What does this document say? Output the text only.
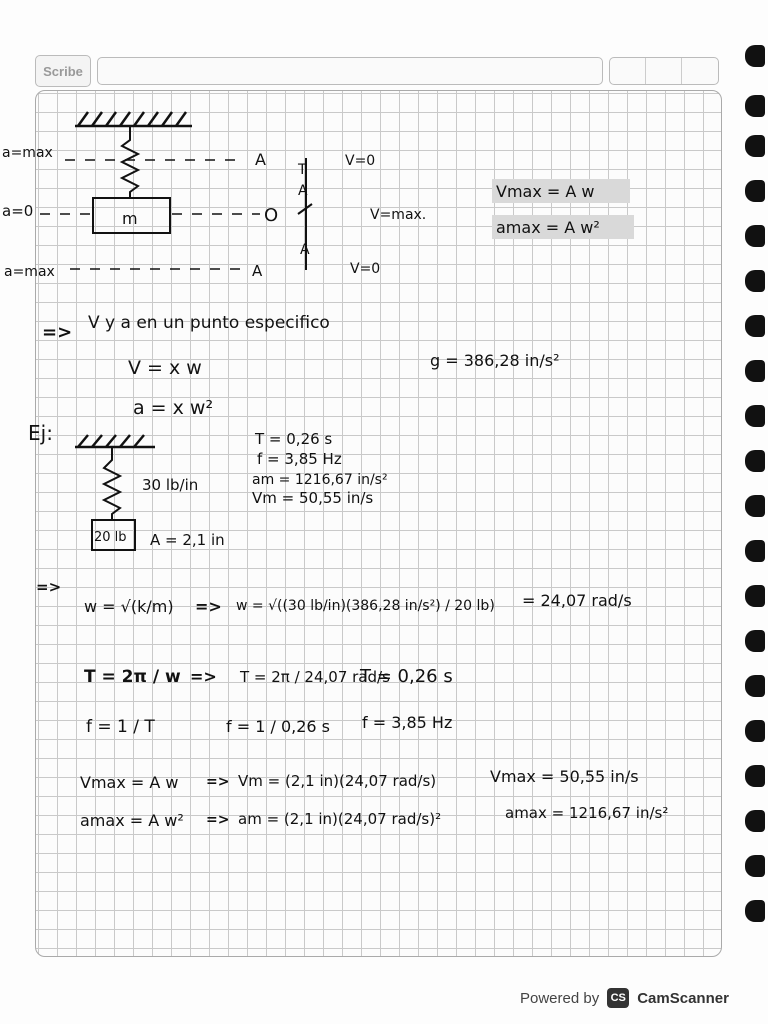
Scribe
m
a=max
a=0
a=max
A
O
A
T
A
A
V=0
V=max.
V=0
Vmax = A w
amax = A w²
=> V y a en un punto especifico
V = x w
a = x w²
g = 386,28 in/s²
Ej:
20 lb
30 lb/in
A = 2,1 in
T = 0,26 s
f = 3,85 Hz
am = 1216,67 in/s²
Vm = 50,55 in/s
=>
w = √(k/m) => w = √((30 lb/in)(386,28 in/s²) / 20 lb) = 24,07 rad/s
T = 2π / w => T = 2π / 24,07 rad/s
T = 0,26 s
f = 1 / T	f = 1 / 0,26 s f = 3,85 Hz
Vmax = A w => Vm = (2,1 in)(24,07 rad/s)	Vmax = 50,55 in/s
amax = A w² => am = (2,1 in)(24,07 rad/s)²	amax = 1216,67 in/s²
Powered by	CS CamScanner
